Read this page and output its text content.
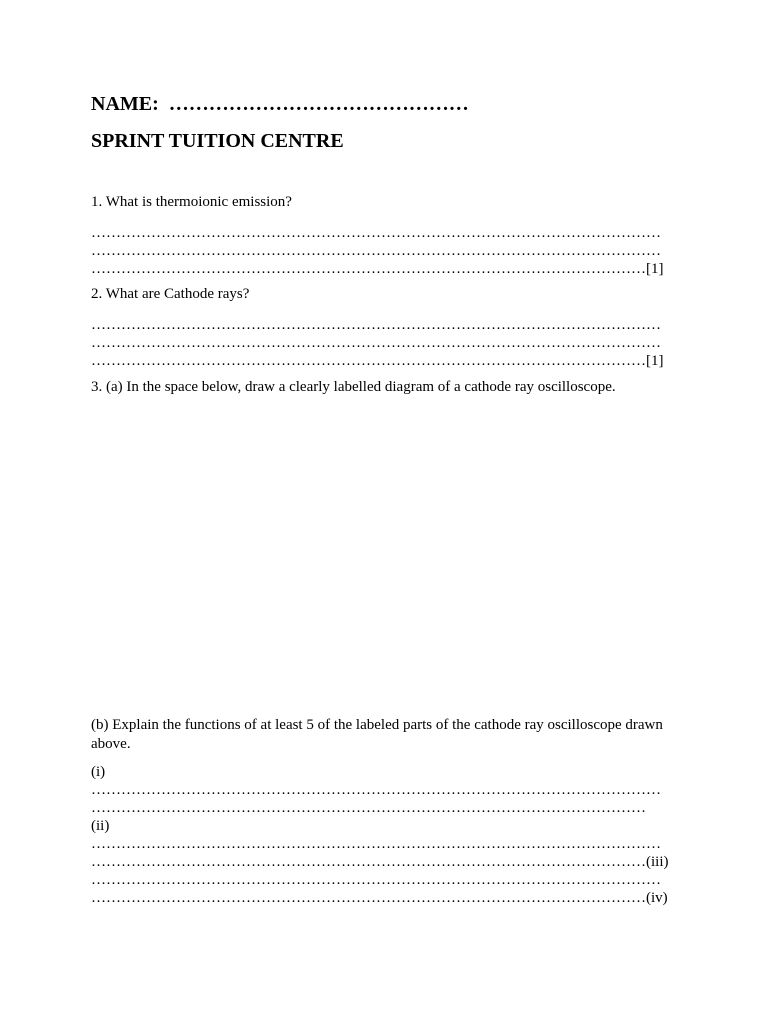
NAME: ………………………………………
SPRINT TUITION CENTRE
1. What is thermoionic emission?
……………………………………………………………………………………………………
……………………………………………………………………………………………………
…………………………………………………………………………………………………[1]
2. What are Cathode rays?
……………………………………………………………………………………………………
……………………………………………………………………………………………………
…………………………………………………………………………………………………[1]
3. (a) In the space below, draw a clearly labelled diagram of a cathode ray oscilloscope.
(b) Explain the functions of at least 5 of the labeled parts of the cathode ray oscilloscope drawn above.
(i)
……………………………………………………………………………………………………
…………………………………………………………………………………………………
(ii)
……………………………………………………………………………………………………
…………………………………………………………………………………………………(iii)
……………………………………………………………………………………………………
…………………………………………………………………………………………………(iv)
